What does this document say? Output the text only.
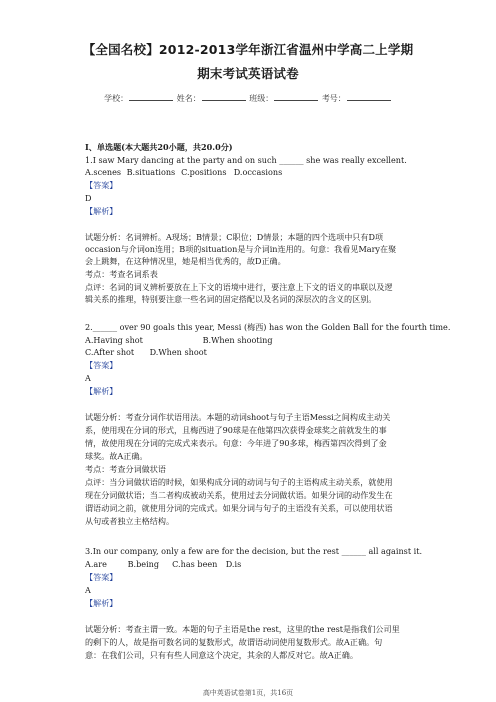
【全国名校】2012-2013学年浙江省温州中学高二上学期
期末考试英语试卷
学校：	姓名：	班级：	考号：
I、单选题(本大题共20小题，共20.0分)
1.I saw Mary dancing at the party and on such ______ she was really excellent.
A.scenes B.situations C.positions D.occasions
【答案】
D
【解析】
试题分析：名词辨析。A现场；B情景；C职位；D情景；本题的四个选项中只有D项
occasion与介词on连用；B项的situation是与介词in连用的。句意：我看见Mary在聚
会上跳舞，在这种情况里，她是相当优秀的，故D正确。
考点：考查名词系表
点评：名词的词义辨析要放在上下文的语境中进行，要注意上下文的语义的串联以及逻
辑关系的推理，特别要注意一些名词的固定搭配以及名词的深层次的含义的区别。
2.______ over 90 goals this year, Messi (梅西) has won the Golden Ball for the fourth time.
A.Having shot	B.When shooting
C.After shot D.When shoot
【答案】
A
【解析】
试题分析：考查分词作状语用法。本题的动词shoot与句子主语Messi之间构成主动关
系，使用现在分词的形式，且梅西进了90球是在他第四次获得金球奖之前就发生的事
情，故使用现在分词的完成式来表示。句意：今年进了90多球，梅西第四次得到了金
球奖。故A正确。
考点：考查分词做状语
点评：当分词做状语的时候，如果构成分词的动词与句子的主语构成主动关系，就使用
现在分词做状语；当二者构成被动关系，使用过去分词做状语。如果分词的动作发生在
谓语动词之前，就使用分词的完成式。如果分词与句子的主语没有关系，可以使用状语
从句或者独立主格结构。
3.In our company, only a few are for the decision, but the rest ______ all against it.
A.are	B.being C.has been D.is
【答案】
A
【解析】
试题分析：考查主谓一致。本题的句子主语是the rest，这里的the rest是指我们公司里
的剩下的人，故是指可数名词的复数形式，故谓语动词使用复数形式。故A正确。句
意：在我们公司，只有有些人同意这个决定，其余的人都反对它。故A正确。
高中英语试卷第1页，共16页
